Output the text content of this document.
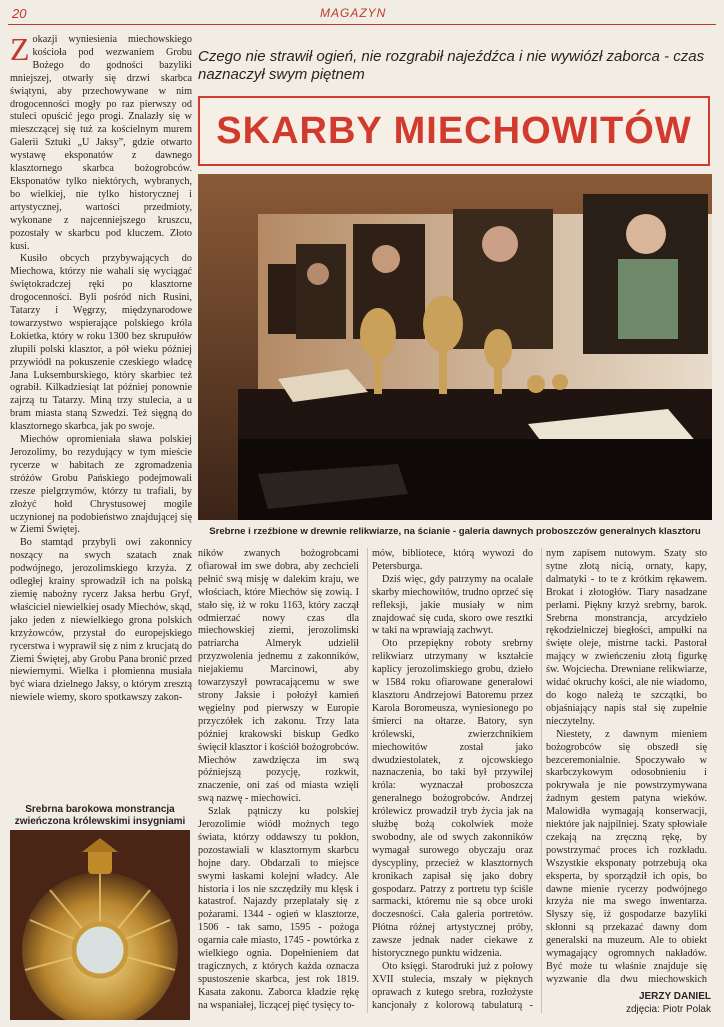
20	MAGAZYN

Zokazji wyniesienia miechowskiego kościoła pod wezwaniem Grobu Bożego do godności bazyliki mniejszej, otwarły się drzwi skarbca świątyni, aby przechowywane w nim drogocenności mogły po raz pierwszy od stuleci opuścić jego progi. Znalazły się w mieszczącej się tuż za kościelnym murem Galerii Sztuki „U Jaksy”, gdzie otwarto wystawę eksponatów z dawnego klasztornego skarbca bożogrobców. Eksponatów tylko niektórych, wybranych, bo wielkiej, nie tylko historycznej i artystycznej, wartości przedmioty, wykonane z najcenniejszego kruszcu, pozostały w skarbcu pod kluczem. Złoto kusi.

Kusiło obcych przybywających do Miechowa, którzy nie wahali się wyciągać świętokradczej ręki po klasztorne drogocenności. Byli pośród nich Rusini, Tatarzy i Węgrzy, międzynarodowe towarzystwo wspierające polskiego króla Łokietka, który w roku 1300 bez skrupułów złupili polski klasztor, a pół wieku później przywiódł na pokuszenie czeskiego władcę Jana Luksemburskiego, który skarbiec też ograbił. Kilkadziesiąt lat później ponownie zajrzą tu Tatarzy. Miną trzy stulecia, a u bram miasta staną Szwedzi. Też sięgną do klasztornego skarbca, jak po swoje.

Miechów opromieniała sława polskiej Jerozolimy, bo rezydujący w tym mieście rycerze w habitach ze zgromadzenia stróżów Grobu Pańskiego podejmowali rzesze pielgrzymów, którzy tu trafiali, by złożyć hołd Chrystusowej mogile uczynionej na podobieństwo znajdującej się w Ziemi Świętej.

Bo stamtąd przybyli owi zakonnicy noszący na swych szatach znak podwójnego, jerozolimskiego krzyża. Z odległej krainy sprowadził ich na polską ziemię nabożny rycerz Jaksa herbu Gryf, właściciel niewielkiej osady Miechów, skąd, jako jeden z niewielkiego grona polskich krzyżowców, przystał do europejskiego rycerstwa i wyprawił się z nim z krucjatą do Ziemi Świętej, aby Grobu Pana bronić przed niewiernymi. Wielka i płomienna musiała być wiara dzielnego Jaksy, o którym zresztą niewiele wiemy, skoro spotkawszy zakon-

Srebrna barokowa monstrancja zwieńczona królewskimi insygniami
Czego nie strawił ogień, nie rozgrabił najeźdźca i nie wywiózł zaborca - czas naznaczył swym piętnem
SKARBY MIECHOWITÓW
Srebrne i rzeźbione w drewnie relikwiarze, na ścianie - galeria dawnych proboszczów generalnych klasztoru

ników zwanych bożogrobcami ofiarował im swe dobra, aby zechcieli pełnić swą misję w dalekim kraju, we włościach, które Miechów się zowią. I stało się, iż w roku 1163, który zaczął odmierzać nowy czas dla miechowskiej ziemi, jerozolimski patriarcha Almeryk udzielił przyzwolenia jednemu z zakonników, niejakiemu Marcinowi, aby towarzyszył powracającemu w swe strony Jaksie i położył kamień węgielny pod pierwszy w Europie przyczółek ich zakonu. Trzy lata później krakowski biskup Gedko święcił klasztor i kościół bożogrobców. Miechów zawdzięcza im swą późniejszą pozycję, rozkwit, znaczenie, oni zaś od miasta wzięli swą nazwę - miechowici.

Szlak pątniczy ku polskiej Jerozolimie wiódł możnych tego świata, którzy oddawszy tu pokłon, pozostawiali w klasztornym skarbcu hojne dary. Obdarzali to miejsce swymi łaskami kolejni władcy. Ale historia i los nie szczędziły mu klęsk i katastrof. Najazdy przeplatały się z pożarami. 1344 - ogień w klasztorze, 1506 - tak samo, 1595 - pożoga ogarnia całe miasto, 1745 - powtórka z wielkiego ognia. Dopełnieniem dat tragicznych, z których każda oznacza spustoszenie skarbca, jest rok 1819. Kasata zakonu. Zaborca kładzie rękę na wspaniałej, liczącej pięć tysięcy to-

mów, bibliotece, którą wywozi do Petersburga.

Dziś więc, gdy patrzymy na ocalałe skarby miechowitów, trudno oprzeć się refleksji, jakie musiały w nim znajdować się cuda, skoro owe resztki w taki na wprawiają zachwyt.

Oto przepiękny roboty srebrny relikwiarz utrzymany w kształcie kaplicy jerozolimskiego grobu, dzieło w 1584 roku ofiarowane generałowi klasztoru Andrzejowi Batoremu przez Karola Boromeusza, wyniesionego po śmierci na ołtarze. Batory, syn królewski, zwierzchnikiem miechowitów został jako dwudziestolatek, z ojcowskiego naznaczenia, bo taki był przywilej króla: wyznaczał proboszcza generalnego bożogrobców. Andrzej królewicz prowadził tryb życia jak na służbę bożą cokolwiek może swobodny, ale od swych zakonników wymagał surowego obyczaju oraz dyscypliny, przecież w klasztornych kronikach zapisał się jako dobry gospodarz. Patrzy z portretu typ ściśle sarmacki, któremu nie są obce uroki doczesności. Cała galeria portretów. Płótna różnej artystycznej próby, zawsze jednak nader ciekawe z historycznego punktu widzenia.

Oto księgi. Starodruki już z połowy XVII stulecia, mszały w pięknych oprawach z kutego srebra, rozłożyste kancjonały z kolorową tabulaturą -

nym zapisem nutowym. Szaty sto sytne złotą nicią, ornaty, kapy, dalmatyki - to te z krótkim rękawem. Brokat i złotogłów. Tiary nasadzane perłami. Piękny krzyż srebrny, barok. Srebrna monstrancja, arcydzieło rękodzielniczej biegłości, ampułki na święte oleje, mistrne tacki. Pastorał mający w zwieńczeniu złotą figurkę św. Wojciecha. Drewniane relikwiarze, widać okruchy kości, ale nie wiadomo, do kogo należą te szczątki, bo objaśniający napis stał się zupełnie nieczytelny.

Niestety, z dawnym mieniem bożogrobców się obszedł się bezceremonialnie. Spoczywało w skarbczykowym odosobnieniu i pokrywała je nie powstrzymywana żadnym gestem patyna wieków. Malowidła wymagają konserwacji, niektóre jak najpilniej. Szaty spłowiałe czekają na zręczną rękę, by powstrzymać proces ich rozkładu. Wszystkie eksponaty potrzebują oka eksperta, by sporządził ich opis, bo dawne mienie rycerzy podwójnego krzyża nie ma swego inwentarza. Słyszy się, iż gospodarze bazyliki skłonni są przekazać dawny dom generalski na muzeum. Ale to obiekt wymagający ogromnych nakładów. Być może tu właśnie znajduje się wyzwanie dla dwu miechowskich

JERZY DANIEL
zdjęcia: Piotr Polak
